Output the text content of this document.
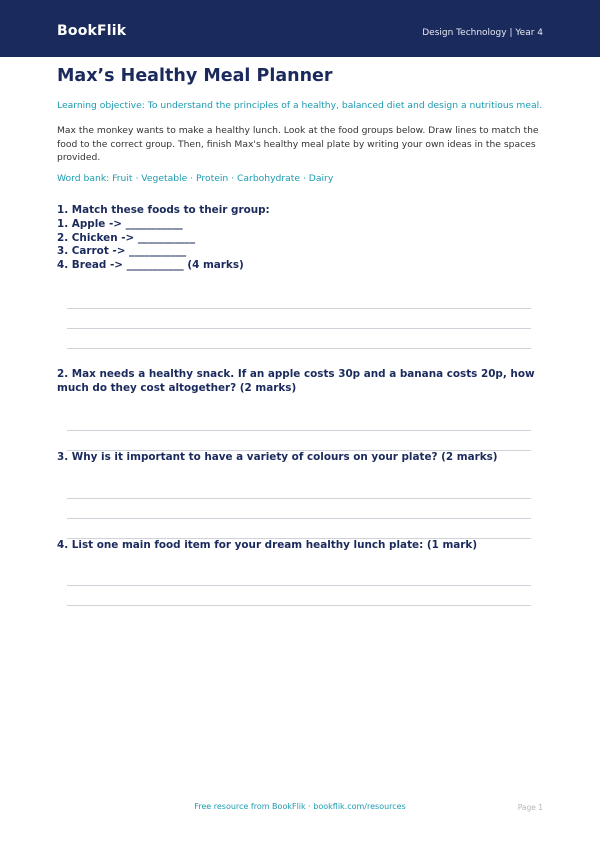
BookFlik	Design Technology | Year 4
Max’s Healthy Meal Planner
Learning objective: To understand the principles of a healthy, balanced diet and design a nutritious meal.
Max the monkey wants to make a healthy lunch. Look at the food groups below. Draw lines to match the food to the correct group. Then, finish Max's healthy meal plate by writing your own ideas in the spaces provided.
Word bank: Fruit · Vegetable · Protein · Carbohydrate · Dairy
1. Match these foods to their group:
1. Apple -> ___________
2. Chicken -> ___________
3. Carrot -> ___________
4. Bread -> ___________ (4 marks)
2. Max needs a healthy snack. If an apple costs 30p and a banana costs 20p, how much do they cost altogether? (2 marks)
3. Why is it important to have a variety of colours on your plate? (2 marks)
4. List one main food item for your dream healthy lunch plate: (1 mark)
Free resource from BookFlik · bookflik.com/resources	Page 1
